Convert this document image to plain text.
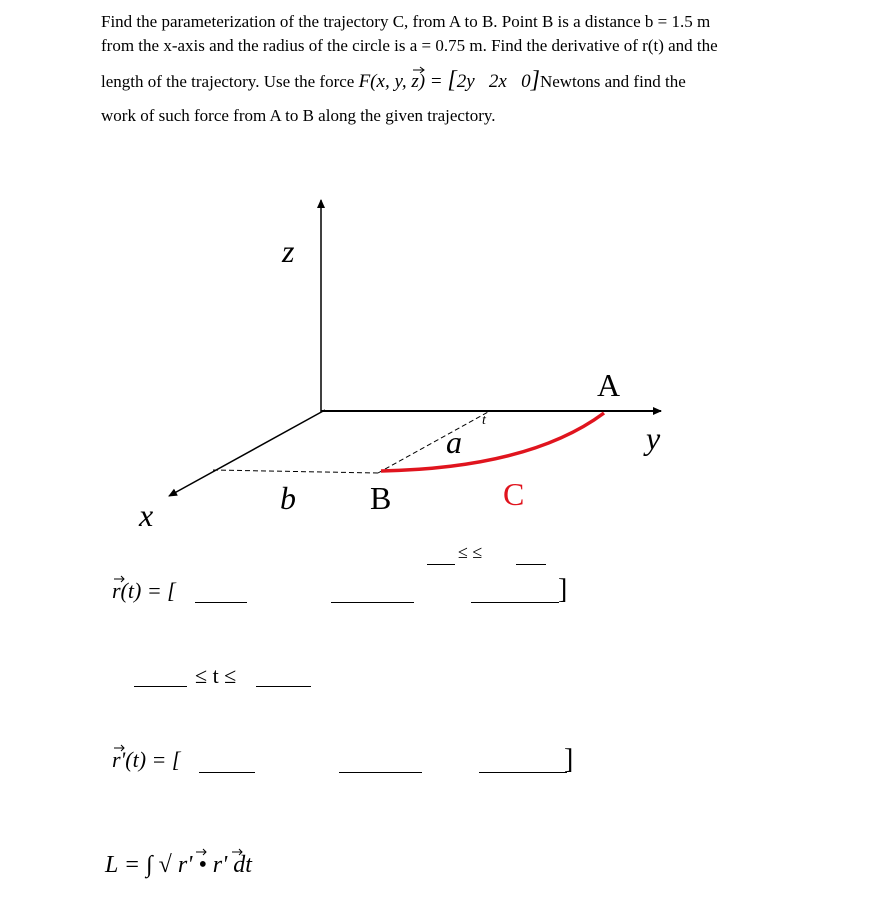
Find the parameterization of the trajectory C, from A to B. Point B is a distance b = 1.5 m
from the x-axis and the radius of the circle is a = 0.75 m. Find the derivative of r(t) and the
length of the trajectory. Use the force F(x, y, z) = [2y 2x 0]Newtons and find the
work of such force from A to B along the given trajectory.
z
A
y
t
a
b B	C
x
≤ ≤
r(t) = [	]
≤ t ≤
r'(t) = [	]
L = ∫ √ r' • r' dt
